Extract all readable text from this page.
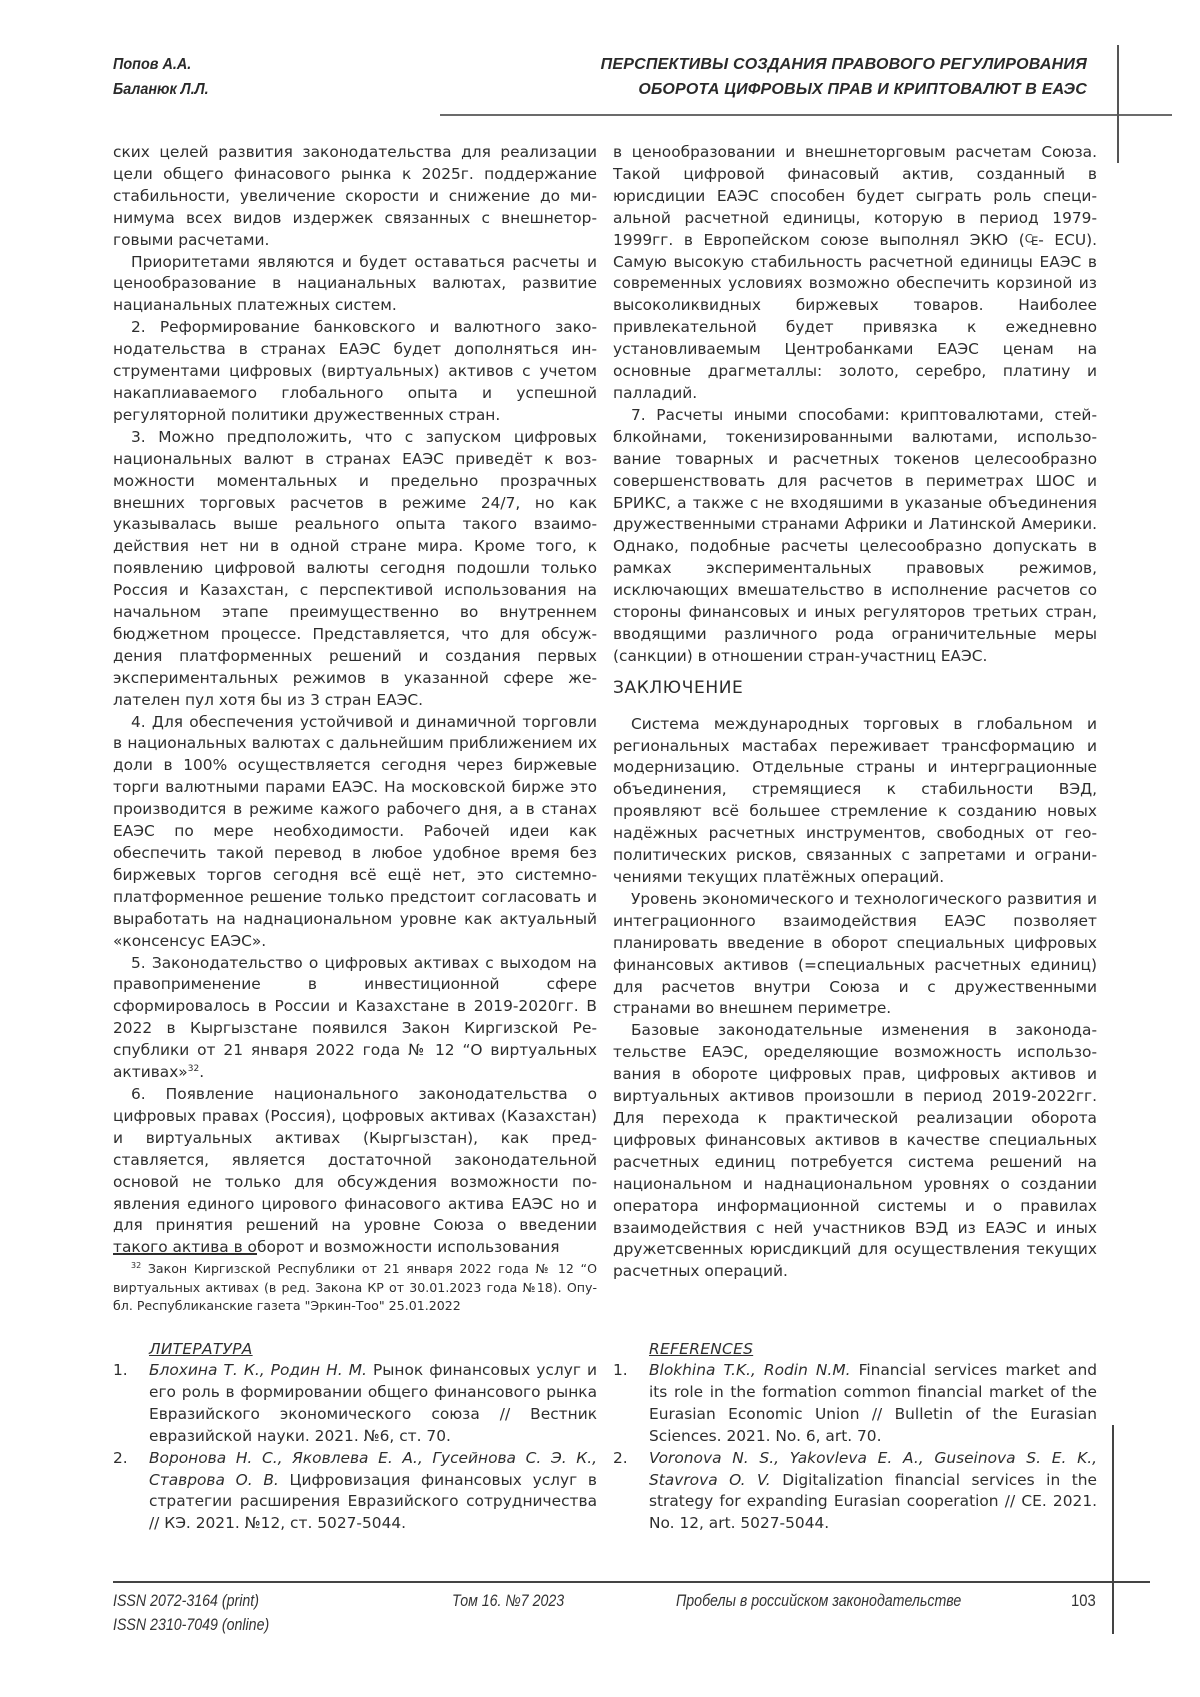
Попов А.А.
Баланюк Л.Л.
ПЕРСПЕКТИВЫ СОЗДАНИЯ ПРАВОВОГО РЕГУЛИРОВАНИЯ
ОБОРОТА ЦИФРОВЫХ ПРАВ И КРИПТОВАЛЮТ В ЕАЭС

ских целей развития законодательства для реализации цели общего финасового рынка к 2025г. поддержание стабильности, увеличение скорости и снижение до минимума всех видов издержек связанных с внешнеторговыми расчетами.

Приоритетами являются и будет оставаться расчеты и ценообразование в нацианальных валютах, развитие нацианальных платежных систем.

2. Реформирование банковского и валютного законодательства в странах ЕАЭС будет дополняться инструментами цифровых (виртуальных) активов с учетом накаплиаваемого глобального опыта и успешной регуляторной политики дружественных стран.

3. Можно предположить, что с запуском цифровых национальных валют в странах ЕАЭС приведёт к возможности моментальных и предельно прозрачных внешних торговых расчетов в режиме 24/7, но как указывалась выше реального опыта такого взаимодействия нет ни в одной стране мира. Кроме того, к появлению цифровой валюты сегодня подошли только Россия и Казахстан, с перспективой использования на начальном этапе преимущественно во внутреннем бюджетном процессе. Представляется, что для обсуждения платформенных решений и создания первых экспериментальных режимов в указанной сфере желателен пул хотя бы из 3 стран ЕАЭС.

4. Для обеспечения устойчивой и динамичной торговли в национальных валютах с дальнейшим приближением их доли в 100% осуществляется сегодня через биржевые торги валютными парами ЕАЭС. На московской бирже это производится в режиме кажого рабочего дня, а в станах ЕАЭС по мере необходимости. Рабочей идеи как обеспечить такой перевод в любое удобное время без биржевых торгов сегодня всё ещё нет, это системно-платформенное решение только предстоит согласовать и выработать на наднациональном уровне как актуальный «консенсус ЕАЭС».

5. Законодательство о цифровых активах с выходом на правоприменение в инвестиционной сфере сформировалось в России и Казахстане в 2019-2020гг. В 2022 в Кыргызстане появился Закон Киргизской Республики от 21 января 2022 года № 12 “О виртуальных активах»$^{32}$.

6. Появление национального законодательства о цифровых правах (Россия), цофровых активах (Казахстан) и виртуальных активах (Кыргызстан), как представляется, является достаточной законодательной основой не только для обсуждения возможности появления единого цирового финасового актива ЕАЭС но и для принятия решений на уровне Союза о введении такого актива в оборот и возможности использования

$^{32}$ Закон Киргизской Республики от 21 января 2022 года № 12 “О виртуальных активах (в ред. Закона КР от 30.01.2023 года №18). Опубл. Республиканские газета "Эркин-Тоо" 25.01.2022

в ценообразовании и внешнеторговым расчетам Союза. Такой цифровой финасовый актив, созданный в юрисдиции ЕАЭС способен будет сыграть роль специальной расчетной единицы, которую в период 1979-1999гг. в Европейском союзе выполнял ЭКЮ (₠- ECU). Самую высокую стабильность расчетной единицы ЕАЭС в современных условиях возможно обеспечить корзиной из высоколиквидных биржевых товаров. Наиболее привлекательной будет привязка к ежедневно установливаемым Центробанками ЕАЭС ценам на основные драгметаллы: золото, серебро, платину и палладий.

7. Расчеты иными способами: криптовалютами, стейблкойнами, токенизированными валютами, использование товарных и расчетных токенов целесообразно совершенствовать для расчетов в периметрах ШОС и БРИКС, а также с не входяшими в указаные объединения дружественными странами Африки и Латинской Америки. Однако, подобные расчеты целесообразно допускать в рамках экспериментальных правовых режимов, исключающих вмешательство в исполнение расчетов со стороны финансовых и иных регуляторов третьих стран, вводящими различного рода ограничительные меры (санкции) в отношении стран-участниц ЕАЭС.

ЗАКЛЮЧЕНИЕ

Система международных торговых в глобальном и региональных мастабах переживает трансформацию и модернизацию. Отдельные страны и интерграционные объединения, стремящиеся к стабильности ВЭД, проявляют всё большее стремление к созданию новых надёжных расчетных инструментов, свободных от геополитических рисков, связанных с запретами и ограничениями текущих платёжных операций.

Уровень экономического и технологического развития и интеграционного взаимодействия ЕАЭС позволяет планировать введение в оборот специальных цифровых финансовых активов (=специальных расчетных единиц) для расчетов внутри Союза и с дружественными странами во внешнем периметре.

Базовые законодательные изменения в законодательстве ЕАЭС, оределяющие возможность использования в обороте цифровых прав, цифровых активов и виртуальных активов произошли в период 2019-2022гг. Для перехода к практической реализации оборота цифровых финансовых активов в качестве специальных расчетных единиц потребуется система решений на национальном и наднациональном уровнях о создании оператора информационной системы и о правилах взаимодействия с ней участников ВЭД из ЕАЭС и иных дружетсвенных юрисдикций для осуществления текущих расчетных операций.

ЛИТЕРАТУРА
1.	Блохина Т. К., Родин Н. М. Рынок финансовых услуг и его роль в формировании общего финансового рынка Евразийского экономического союза // Вестник евразийской науки. 2021. №6, ст. 70.
2.	Воронова Н. С., Яковлева Е. А., Гусейнова С. Э. К., Ставрова О. В. Цифровизация финансовых услуг в стратегии расширения Евразийского сотрудничества // КЭ. 2021. №12, ст. 5027-5044.
REFERENCES
1.	Blokhina T.K., Rodin N.M. Financial services market and its role in the formation common financial market of the Eurasian Economic Union // Bulletin of the Eurasian Sciences. 2021. No. 6, art. 70.
2.	Voronova N. S., Yakovleva E. A., Guseinova S. E. K., Stavrova O. V. Digitalization financial services in the strategy for expanding Eurasian cooperation // CE. 2021. No. 12, art. 5027-5044.
ISSN 2072-3164 (print)
ISSN 2310-7049 (online)
Том 16. №7 2023	Пробелы в российском законодательстве	103
